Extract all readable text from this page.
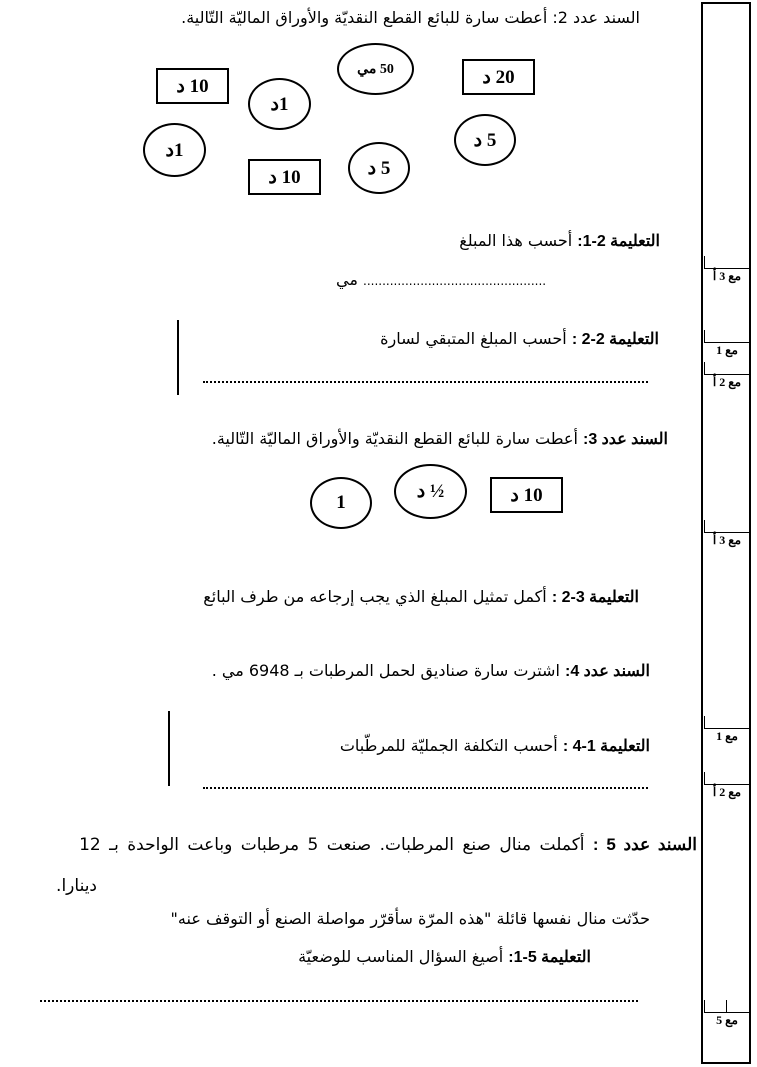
السند عدد 2: أعطت سارة للبائع القطع النقديّة والأوراق الماليّة التّالية.
10 د
1د
50 مي	20 د
1د
10 د	5 د
5 د
التعليمة 2-1: أحسب هذا المبلغ
مي ................................................
التعليمة 2-2 : أحسب المبلغ المتبقي لسارة
السند عدد 3: أعطت سارة للبائع القطع النقديّة والأوراق الماليّة التّالية.
1
½ د	10 د
التعليمة 3-2 : أكمل تمثيل المبلغ الذي يجب إرجاعه من طرف البائع
السند عدد 4: اشترت سارة صناديق لحمل المرطبات بـ 6948 مي .
التعليمة 1-4 : أحسب التكلفة الجمليّة للمرطّبات
السند عدد 5 : أكملت منال صنع المرطبات. صنعت 5 مرطبات وباعت الواحدة بـ 12
دينارا.
حدّثت منال نفسها قائلة "هذه المرّة سأقرّر مواصلة الصنع أو التوقف عنه"
التعليمة 5-1: أصيغ السؤال المناسب للوضعيّة
مع 3 أ
مع 1
مع 2 أ
مع 3 أ
مع 1
مع 2 أ
مع 5
